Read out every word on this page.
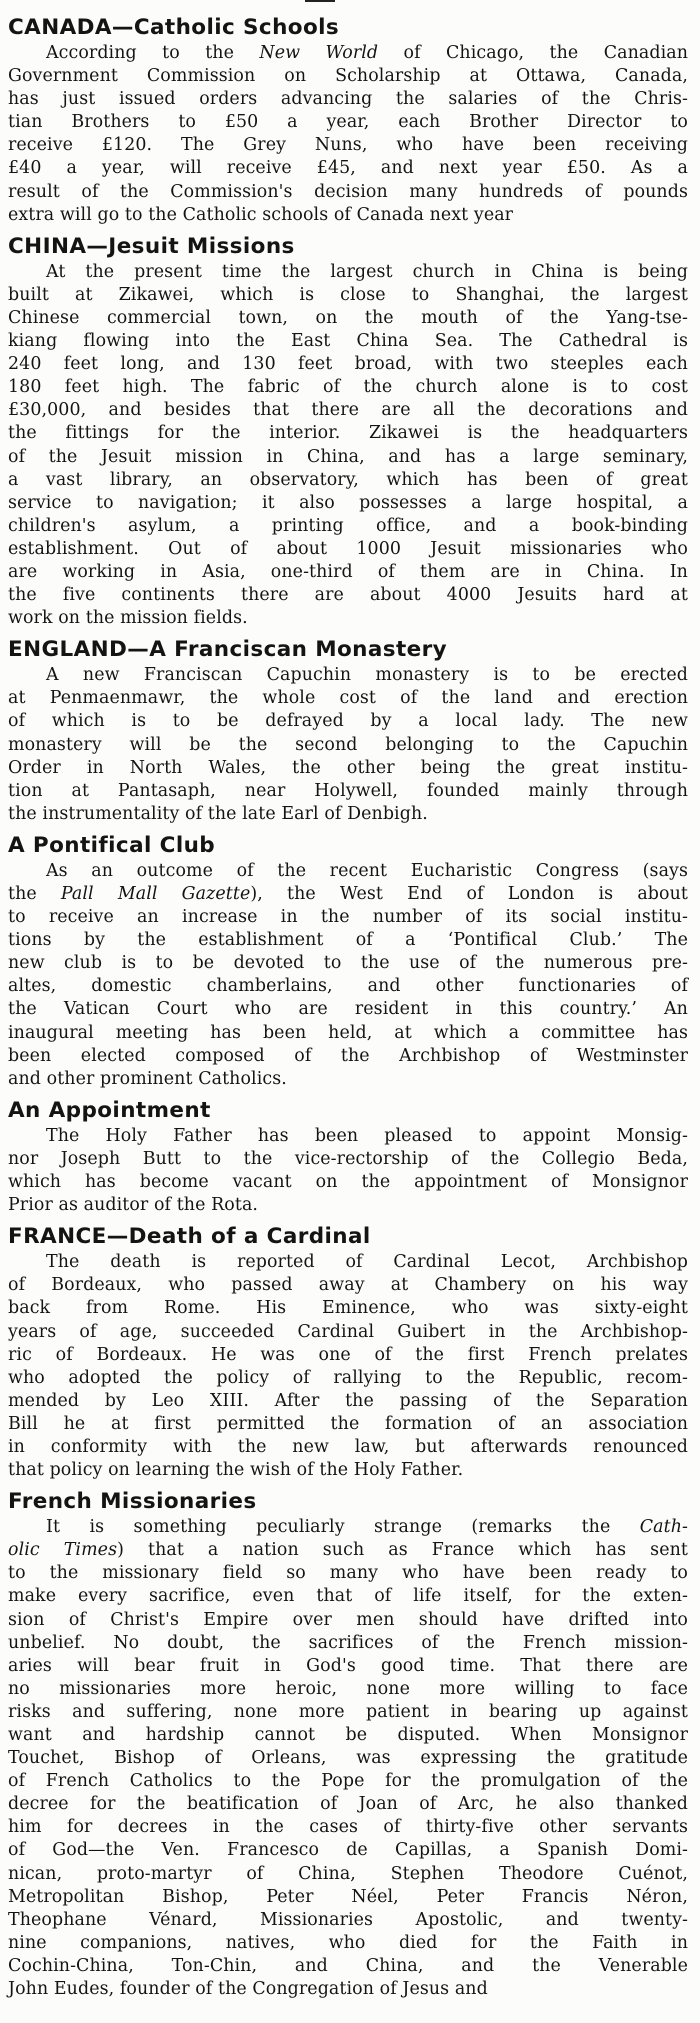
CANADA—Catholic Schools

According to the New World of Chicago, the Canadian
Government Commission on Scholarship at Ottawa, Canada,
has just issued orders advancing the salaries of the Chris-
tian Brothers to £50 a year, each Brother Director to
receive £120. The Grey Nuns, who have been receiving
£40 a year, will receive £45, and next year £50. As a
result of the Commission's decision many hundreds of pounds
extra will go to the Catholic schools of Canada next year

CHINA—Jesuit Missions

At the present time the largest church in China is being
built at Zikawei, which is close to Shanghai, the largest
Chinese commercial town, on the mouth of the Yang-tse-
kiang flowing into the East China Sea. The Cathedral is
240 feet long, and 130 feet broad, with two steeples each
180 feet high. The fabric of the church alone is to cost
£30,000, and besides that there are all the decorations and
the fittings for the interior. Zikawei is the headquarters
of the Jesuit mission in China, and has a large seminary,
a vast library, an observatory, which has been of great
service to navigation; it also possesses a large hospital, a
children's asylum, a printing office, and a book-binding
establishment. Out of about 1000 Jesuit missionaries who
are working in Asia, one-third of them are in China. In
the five continents there are about 4000 Jesuits hard at
work on the mission fields.

ENGLAND—A Franciscan Monastery

A new Franciscan Capuchin monastery is to be erected
at Penmaenmawr, the whole cost of the land and erection
of which is to be defrayed by a local lady. The new
monastery will be the second belonging to the Capuchin
Order in North Wales, the other being the great institu-
tion at Pantasaph, near Holywell, founded mainly through
the instrumentality of the late Earl of Denbigh.

A Pontifical Club

As an outcome of the recent Eucharistic Congress (says
the Pall Mall Gazette), the West End of London is about
to receive an increase in the number of its social institu-
tions by the establishment of a ‘Pontifical Club.’ The
new club is to be devoted to the use of the numerous pre-
altes, domestic chamberlains, and other functionaries of
the Vatican Court who are resident in this country.’ An
inaugural meeting has been held, at which a committee has
been elected composed of the Archbishop of Westminster
and other prominent Catholics.

An Appointment

The Holy Father has been pleased to appoint Monsig-
nor Joseph Butt to the vice-rectorship of the Collegio Beda,
which has become vacant on the appointment of Monsignor
Prior as auditor of the Rota.

FRANCE—Death of a Cardinal

The death is reported of Cardinal Lecot, Archbishop
of Bordeaux, who passed away at Chambery on his way
back from Rome. His Eminence, who was sixty-eight
years of age, succeeded Cardinal Guibert in the Archbishop-
ric of Bordeaux. He was one of the first French prelates
who adopted the policy of rallying to the Republic, recom-
mended by Leo XIII. After the passing of the Separation
Bill he at first permitted the formation of an association
in conformity with the new law, but afterwards renounced
that policy on learning the wish of the Holy Father.

French Missionaries

It is something peculiarly strange (remarks the Cath-
olic Times) that a nation such as France which has sent
to the missionary field so many who have been ready to
make every sacrifice, even that of life itself, for the exten-
sion of Christ's Empire over men should have drifted into
unbelief. No doubt, the sacrifices of the French mission-
aries will bear fruit in God's good time. That there are
no missionaries more heroic, none more willing to face
risks and suffering, none more patient in bearing up against
want and hardship cannot be disputed. When Monsignor
Touchet, Bishop of Orleans, was expressing the gratitude
of French Catholics to the Pope for the promulgation of the
decree for the beatification of Joan of Arc, he also thanked
him for decrees in the cases of thirty-five other servants
of God—the Ven. Francesco de Capillas, a Spanish Domi-
nican, proto-martyr of China, Stephen Theodore Cuénot,
Metropolitan Bishop, Peter Néel, Peter Francis Néron,
Theophane Vénard, Missionaries Apostolic, and twenty-
nine companions, natives, who died for the Faith in
Cochin-China, Ton-Chin, and China, and the Venerable
John Eudes, founder of the Congregation of Jesus and
